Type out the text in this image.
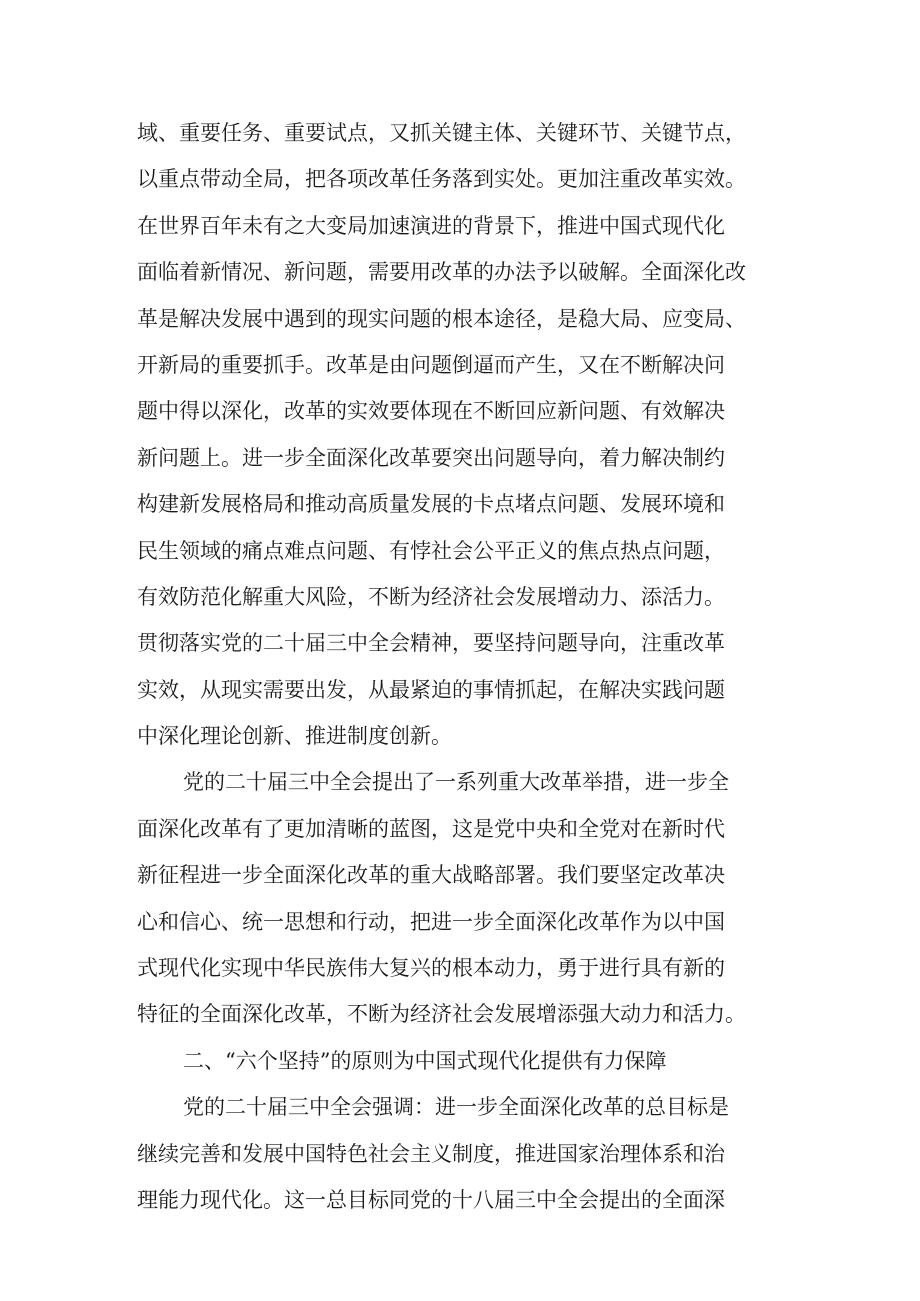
域、重要任务、重要试点，又抓关键主体、关键环节、关键节点，
以重点带动全局，把各项改革任务落到实处。更加注重改革实效。
在世界百年未有之大变局加速演进的背景下，推进中国式现代化
面临着新情况、新问题，需要用改革的办法予以破解。全面深化改
革是解决发展中遇到的现实问题的根本途径，是稳大局、应变局、
开新局的重要抓手。改革是由问题倒逼而产生，又在不断解决问
题中得以深化，改革的实效要体现在不断回应新问题、有效解决
新问题上。进一步全面深化改革要突出问题导向，着力解决制约
构建新发展格局和推动高质量发展的卡点堵点问题、发展环境和
民生领域的痛点难点问题、有悖社会公平正义的焦点热点问题，
有效防范化解重大风险，不断为经济社会发展增动力、添活力。
贯彻落实党的二十届三中全会精神，要坚持问题导向，注重改革
实效，从现实需要出发，从最紧迫的事情抓起，在解决实践问题
中深化理论创新、推进制度创新。
党的二十届三中全会提出了一系列重大改革举措，进一步全
面深化改革有了更加清晰的蓝图，这是党中央和全党对在新时代
新征程进一步全面深化改革的重大战略部署。我们要坚定改革决
心和信心、统一思想和行动，把进一步全面深化改革作为以中国
式现代化实现中华民族伟大复兴的根本动力，勇于进行具有新的
特征的全面深化改革，不断为经济社会发展增添强大动力和活力。
二、“六个坚持”的原则为中国式现代化提供有力保障
党的二十届三中全会强调：进一步全面深化改革的总目标是
继续完善和发展中国特色社会主义制度，推进国家治理体系和治
理能力现代化。这一总目标同党的十八届三中全会提出的全面深
